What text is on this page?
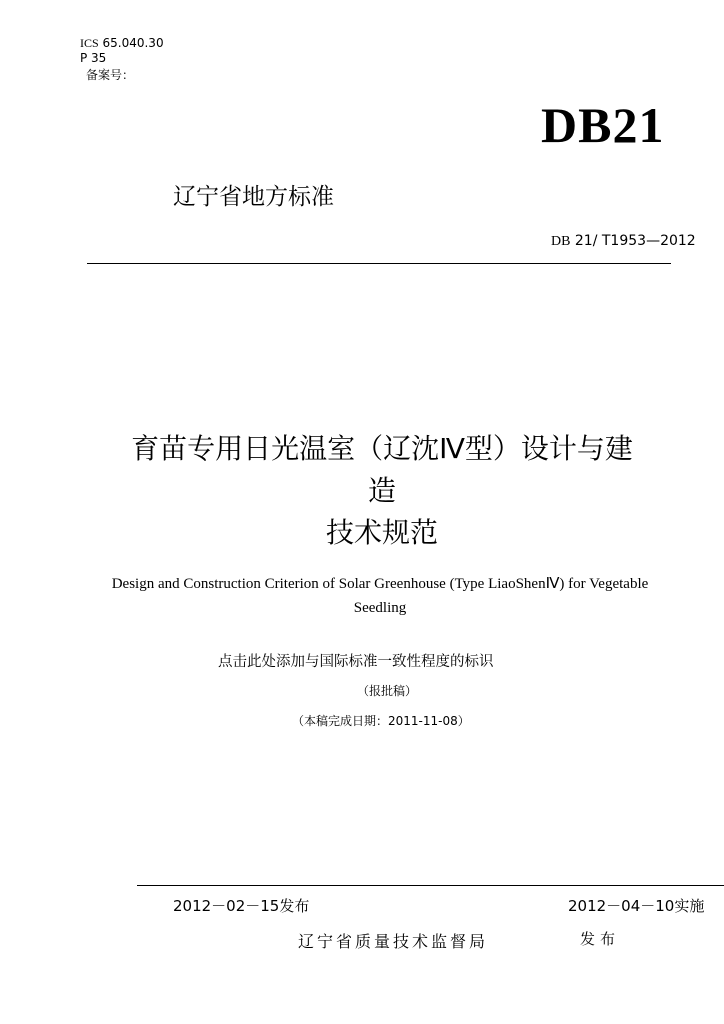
ICS 65.040.30
P 35
备案号：
DB21
辽宁省地方标准
DB 21/ T1953—2012
育苗专用日光温室（辽沈Ⅳ型）设计与建
造
技术规范
Design and Construction Criterion of Solar Greenhouse (Type LiaoShenⅣ) for Vegetable Seedling
点击此处添加与国际标准一致性程度的标识
（报批稿）
（本稿完成日期：2011-11-08）
2012－02－15发布	2012－04－10实施
辽宁省质量技术监督局	发布
